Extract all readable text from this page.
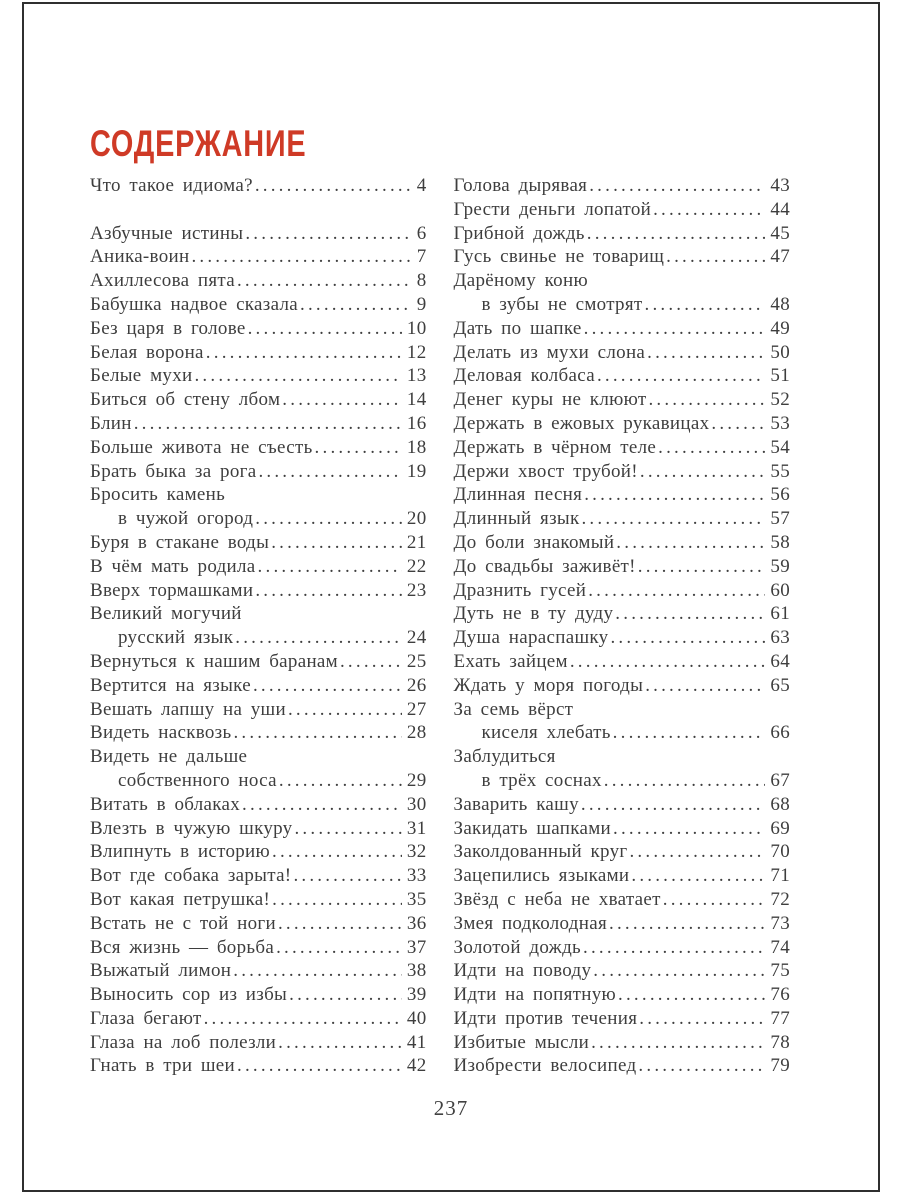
СОДЕРЖАНИЕ
Что такое идиома? .....	4
Азбучные истины .....	6
Аника-воин .....	7
Ахиллесова пята .....	8
Бабушка надвое сказала .....	9
Без царя в голове .....	10
Белая ворона .....	12
Белые мухи .....	13
Биться об стену лбом .....	14
Блин .....	16
Больше живота не съесть .....	18
Брать быка за рога .....	19
Бросить камень
в чужой огород .....	20
Буря в стакане воды .....	21
В чём мать родила .....	22
Вверх тормашками .....	23
Великий могучий
русский язык .....	24
Вернуться к нашим баранам .....	25
Вертится на языке .....	26
Вешать лапшу на уши .....	27
Видеть насквозь .....	28
Видеть не дальше
собственного носа .....	29
Витать в облаках .....	30
Влезть в чужую шкуру .....	31
Влипнуть в историю .....	32
Вот где собака зарыта! .....	33
Вот какая петрушка! .....	35
Встать не с той ноги .....	36
Вся жизнь — борьба .....	37
Выжатый лимон .....	38
Выносить сор из избы .....	39
Глаза бегают .....	40
Глаза на лоб полезли .....	41
Гнать в три шеи .....	42
Голова дырявая .....	43
Грести деньги лопатой .....	44
Грибной дождь .....	45
Гусь свинье не товарищ .....	47
Дарёному коню
в зубы не смотрят .....	48
Дать по шапке .....	49
Делать из мухи слона .....	50
Деловая колбаса .....	51
Денег куры не клюют .....	52
Держать в ежовых рукавицах .....	53
Держать в чёрном теле .....	54
Держи хвост трубой! .....	55
Длинная песня .....	56
Длинный язык .....	57
До боли знакомый .....	58
До свадьбы заживёт! .....	59
Дразнить гусей .....	60
Дуть не в ту дуду .....	61
Душа нараспашку .....	63
Ехать зайцем .....	64
Ждать у моря погоды .....	65
За семь вёрст
киселя хлебать .....	66
Заблудиться
в трёх соснах .....	67
Заварить кашу .....	68
Закидать шапками .....	69
Заколдованный круг .....	70
Зацепились языками .....	71
Звёзд с неба не хватает .....	72
Змея подколодная .....	73
Золотой дождь .....	74
Идти на поводу .....	75
Идти на попятную .....	76
Идти против течения .....	77
Избитые мысли .....	78
Изобрести велосипед .....	79
237
